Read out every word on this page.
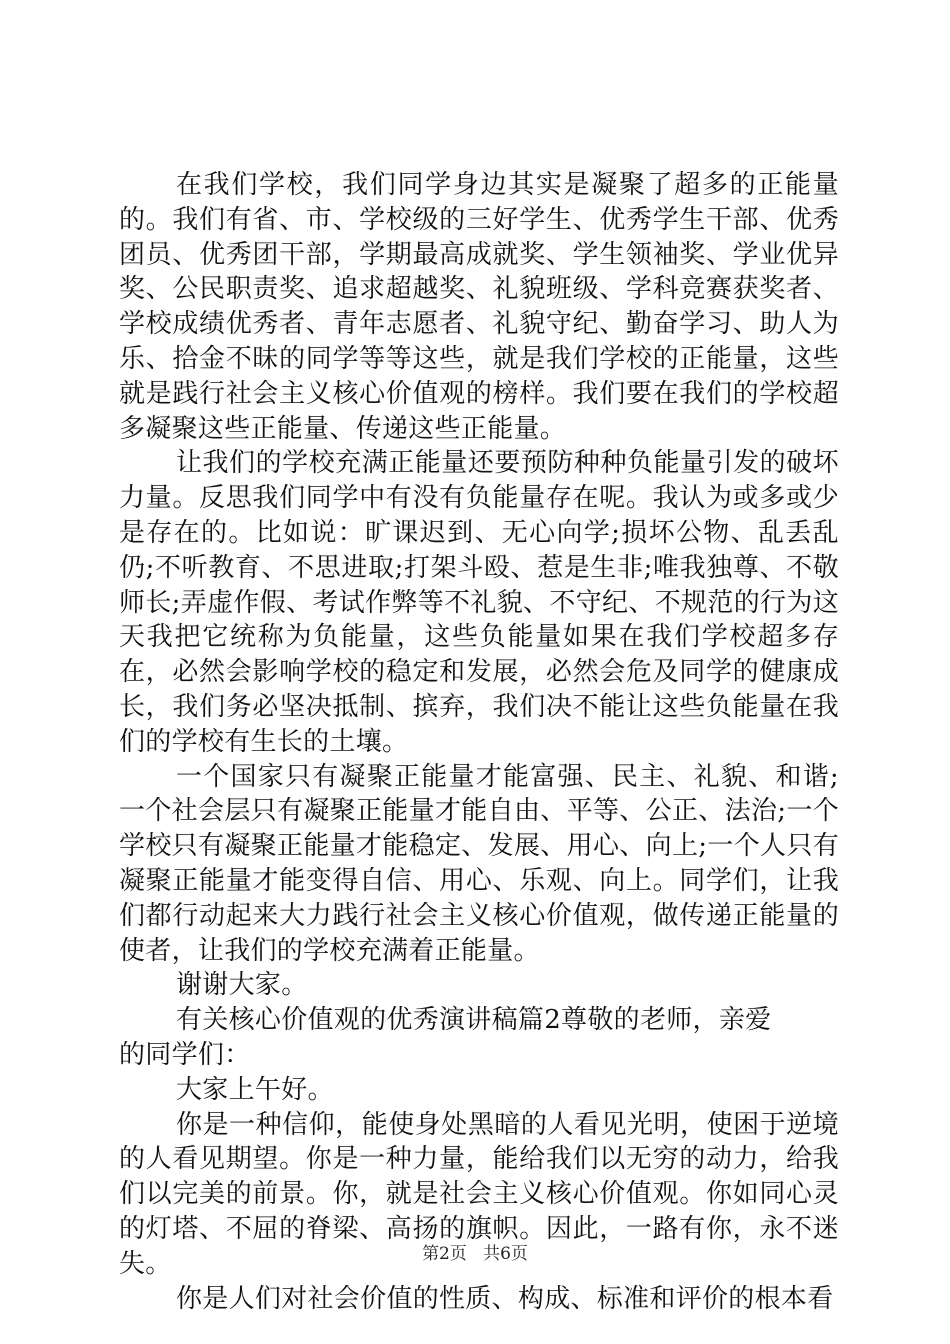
在我们学校，我们同学身边其实是凝聚了超多的正能量的。我们有省、市、学校级的三好学生、优秀学生干部、优秀团员、优秀团干部，学期最高成就奖、学生领袖奖、学业优异奖、公民职责奖、追求超越奖、礼貌班级、学科竞赛获奖者、学校成绩优秀者、青年志愿者、礼貌守纪、勤奋学习、助人为乐、拾金不昧的同学等等这些，就是我们学校的正能量，这些就是践行社会主义核心价值观的榜样。我们要在我们的学校超多凝聚这些正能量、传递这些正能量。

让我们的学校充满正能量还要预防种种负能量引发的破坏力量。反思我们同学中有没有负能量存在呢。我认为或多或少是存在的。比如说：旷课迟到、无心向学;损坏公物、乱丢乱仍;不听教育、不思进取;打架斗殴、惹是生非;唯我独尊、不敬师长;弄虚作假、考试作弊等不礼貌、不守纪、不规范的行为这天我把它统称为负能量，这些负能量如果在我们学校超多存在，必然会影响学校的稳定和发展，必然会危及同学的健康成长，我们务必坚决抵制、摈弃，我们决不能让这些负能量在我们的学校有生长的土壤。

一个国家只有凝聚正能量才能富强、民主、礼貌、和谐;一个社会层只有凝聚正能量才能自由、平等、公正、法治;一个学校只有凝聚正能量才能稳定、发展、用心、向上;一个人只有凝聚正能量才能变得自信、用心、乐观、向上。同学们，让我们都行动起来大力践行社会主义核心价值观，做传递正能量的使者，让我们的学校充满着正能量。

谢谢大家。

有关核心价值观的优秀演讲稿篇2尊敬的老师，亲爱的同学们：

大家上午好。

你是一种信仰，能使身处黑暗的人看见光明，使困于逆境的人看见期望。你是一种力量，能给我们以无穷的动力，给我们以完美的前景。你，就是社会主义核心价值观。你如同心灵的灯塔、不屈的脊梁、高扬的旗帜。因此，一路有你，永不迷失。

你是人们对社会价值的性质、构成、标准和评价的根本看

第2页 共6页
